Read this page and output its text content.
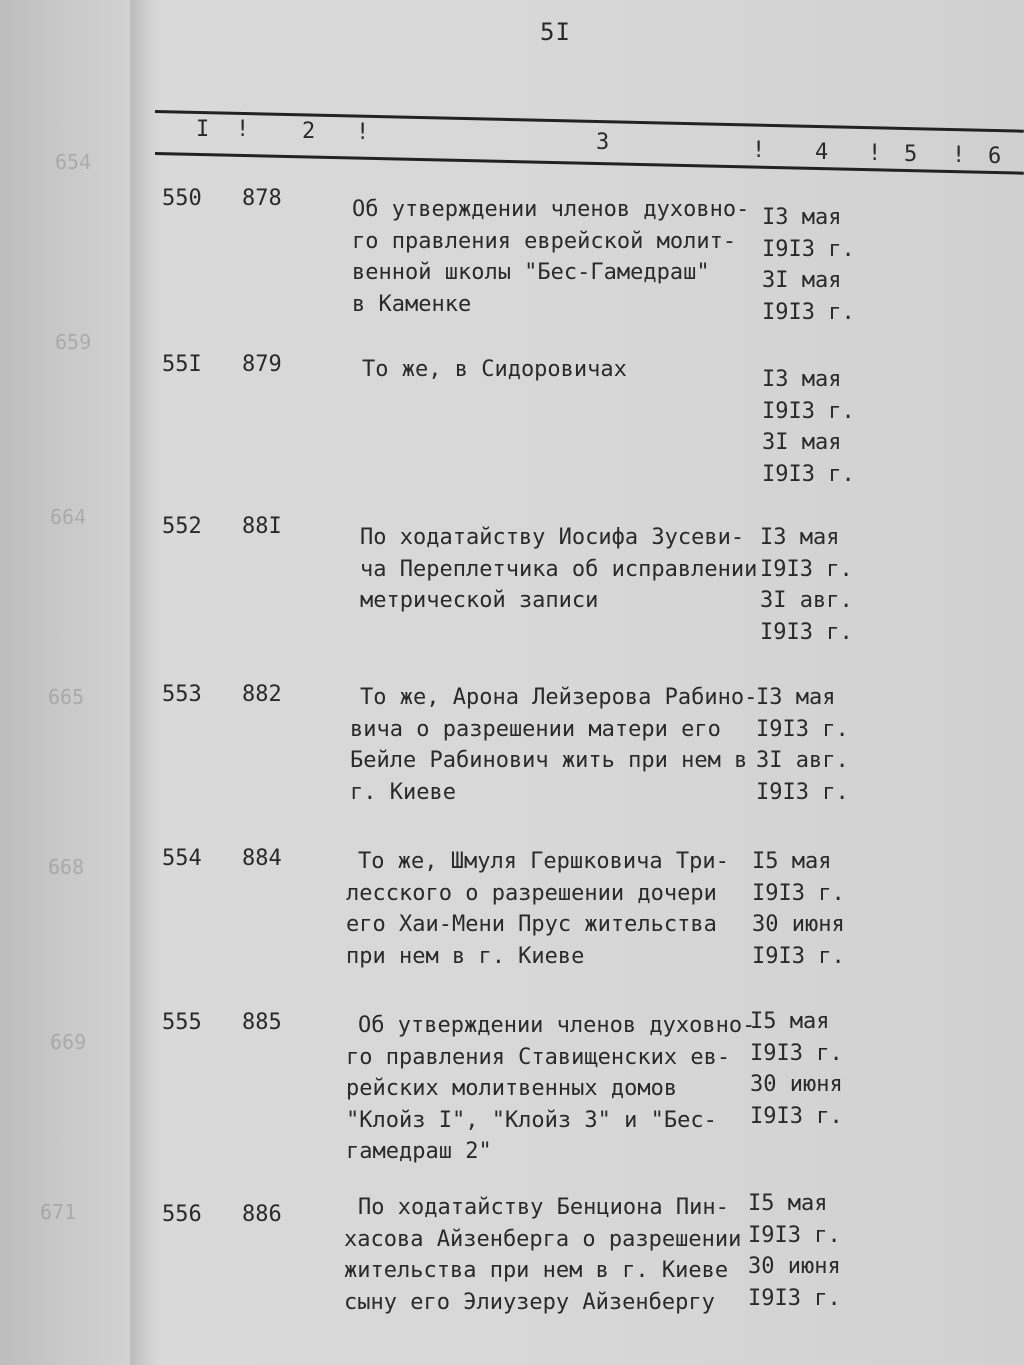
654
659
664
665
668
669
671
5I
I ! 2 !	3	! 4 ! 5 ! 6
550 878	Об утверждении членов духовно-
го правления еврейской молит-
венной школы "Бес-Гамедраш"
в Каменке
I3 мая
I9I3 г.
3I мая
I9I3 г.
55I 879	То же, в Сидоровичах	I3 мая
I9I3 г.
3I мая
I9I3 г.
552 88I	По ходатайству Иосифа Зусеви-
ча Переплетчика об исправлении
метрической записи
I3 мая
I9I3 г.
3I авг.
I9I3 г.
553 882	То же, Арона Лейзерова Рабино-
вича о разрешении матери его
Бейле Рабинович жить при нем в
г. Киеве
I3 мая
I9I3 г.
3I авг.
I9I3 г.
554 884	То же, Шмуля Гершковича Три-
лесского о разрешении дочери
его Хаи-Мени Прус жительства
при нем в г. Киеве
I5 мая
I9I3 г.
30 июня
I9I3 г.
555 885	Об утверждении членов духовно-
го правления Ставищенских ев-
рейских молитвенных домов
"Клойз I", "Клойз 3" и "Бес-
гамедраш 2"
I5 мая
I9I3 г.
30 июня
I9I3 г.
556 886	По ходатайству Бенциона Пин-
хасова Айзенберга о разрешении
жительства при нем в г. Киеве
сыну его Элиузеру Айзенбергу
I5 мая
I9I3 г.
30 июня
I9I3 г.
